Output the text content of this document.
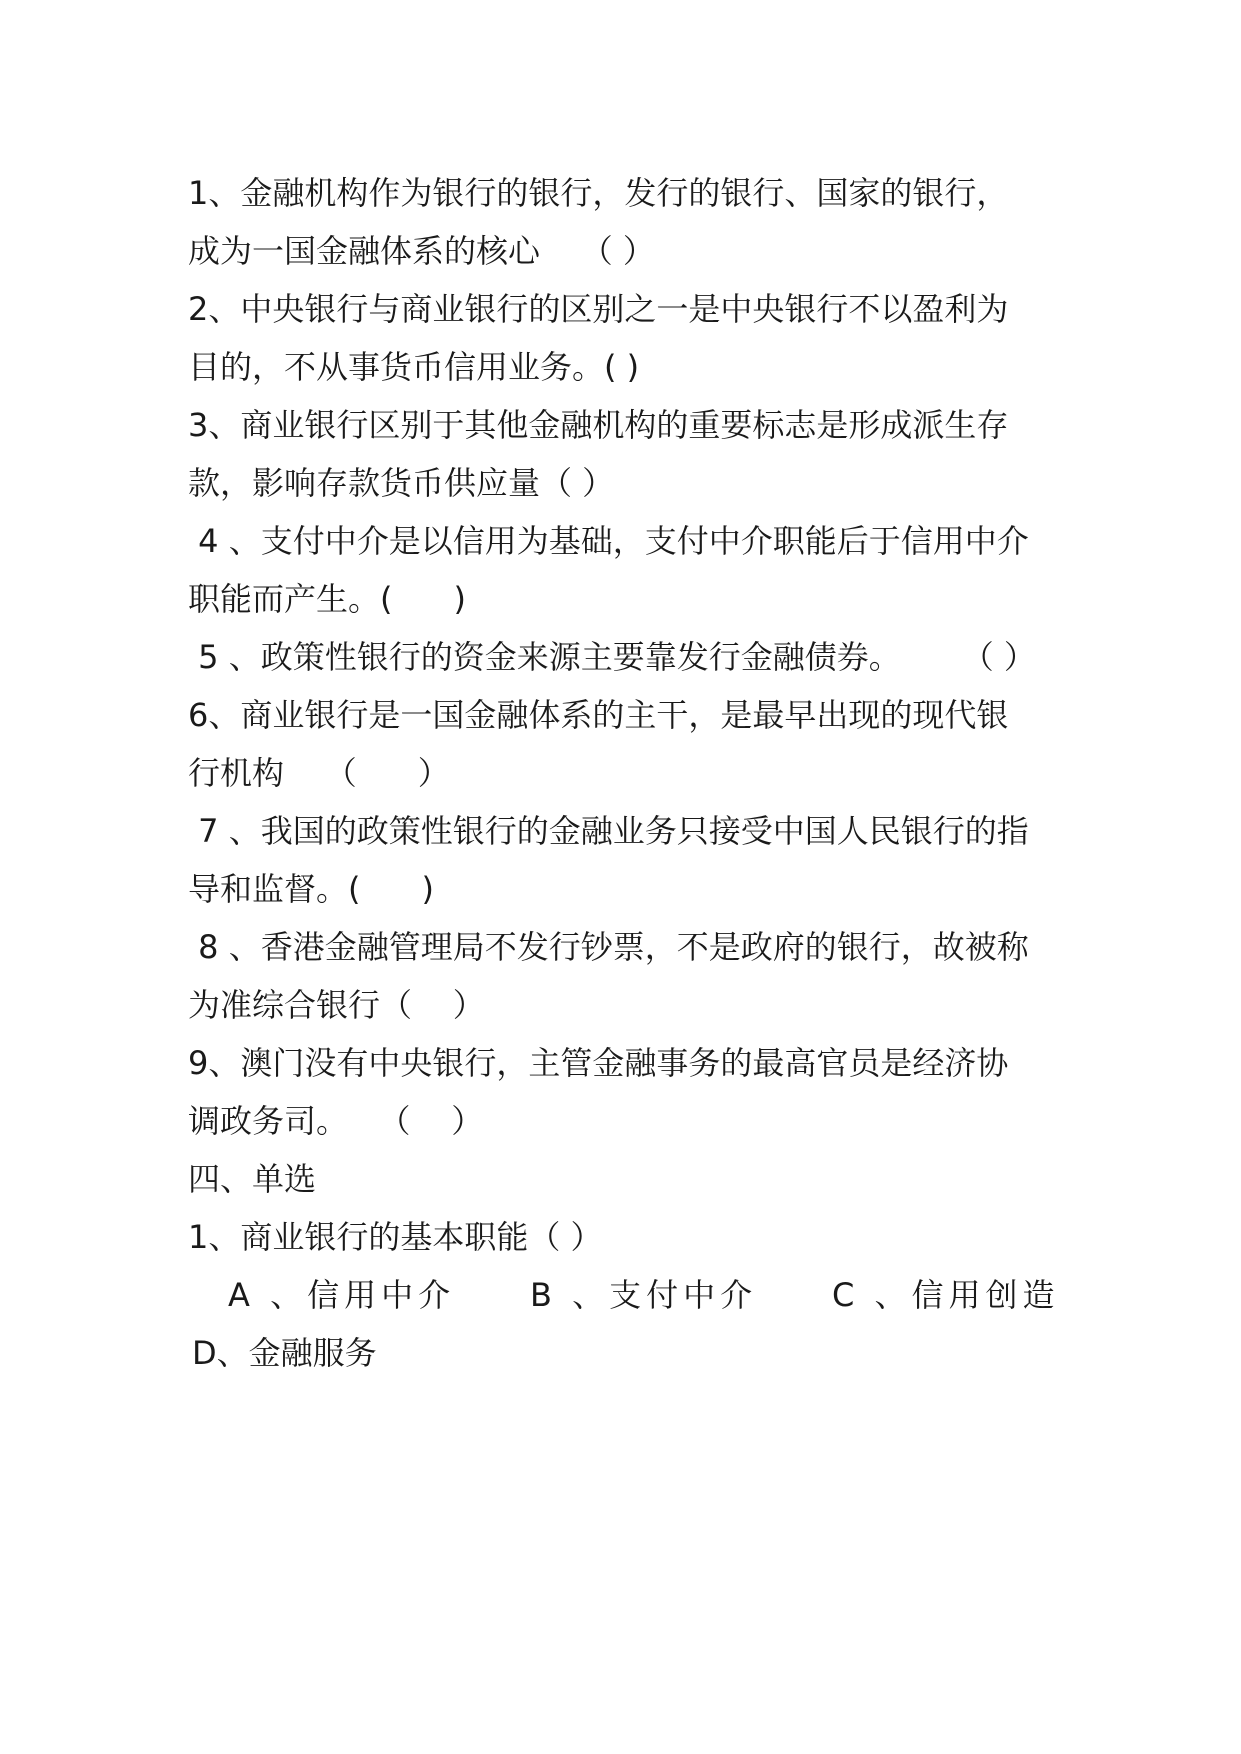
1、金融机构作为银行的银行，发行的银行、国家的银行，
成为一国金融体系的核心    （ ）
2、中央银行与商业银行的区别之一是中央银行不以盈利为
目的，不从事货币信用业务。( )
3、商业银行区别于其他金融机构的重要标志是形成派生存
款，影响存款货币供应量（ ）
4 、支付中介是以信用为基础，支付中介职能后于信用中介
职能而产生。(      )
5 、政策性银行的资金来源主要靠发行金融债券。      （ ）
6、商业银行是一国金融体系的主干，是最早出现的现代银
行机构    （      ）
7 、我国的政策性银行的金融业务只接受中国人民银行的指
导和监督。(      )
8 、香港金融管理局不发行钞票，不是政府的银行，故被称
为准综合银行（    ）
9、澳门没有中央银行，主管金融事务的最高官员是经济协
调政务司。   （    ）
四、单选
1、商业银行的基本职能（ ）
A 、信用中介 B 、支付中介 C 、信用创造
D、金融服务
